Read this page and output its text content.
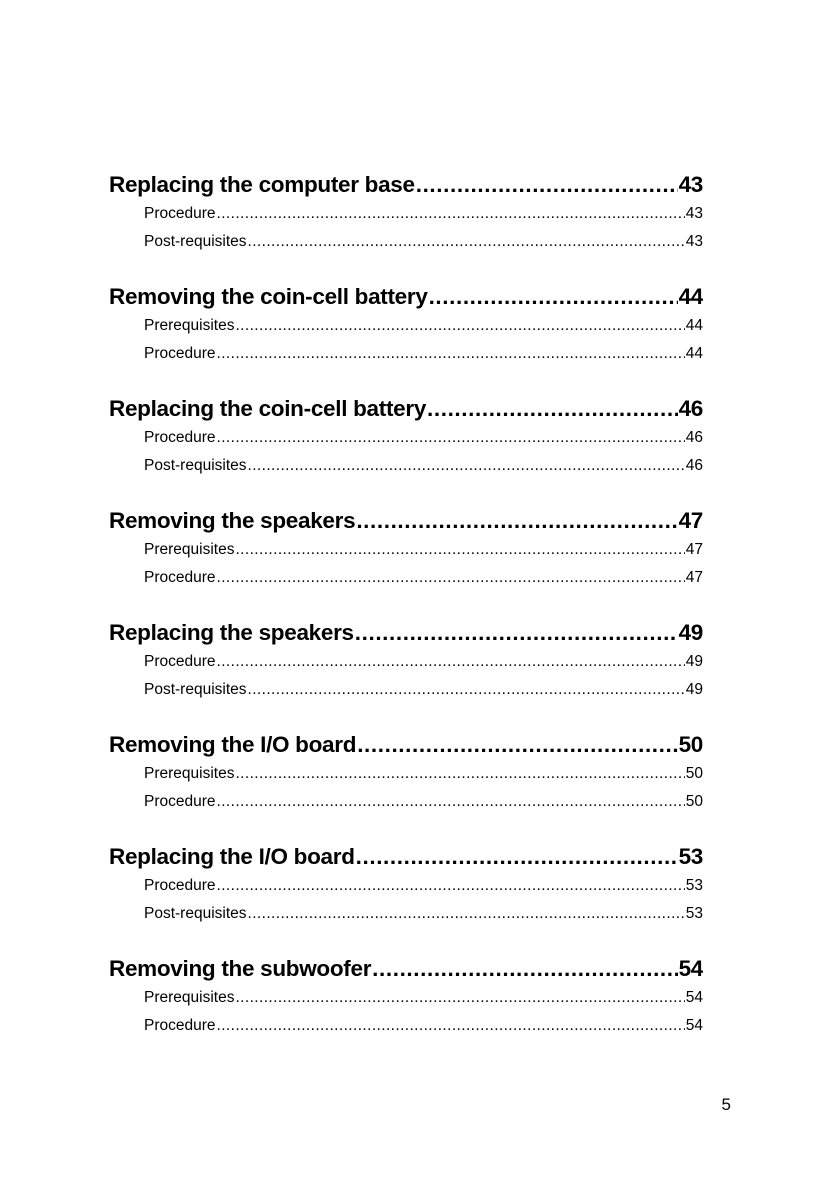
Replacing the computer base .....	43
Procedure .....	43
Post-requisites .....	43
Removing the coin-cell battery .....	44
Prerequisites .....	44
Procedure .....	44
Replacing the coin-cell battery .....	46
Procedure .....	46
Post-requisites .....	46
Removing the speakers .....	47
Prerequisites .....	47
Procedure .....	47
Replacing the speakers .....	49
Procedure .....	49
Post-requisites .....	49
Removing the I/O board .....	50
Prerequisites .....	50
Procedure .....	50
Replacing the I/O board .....	53
Procedure .....	53
Post-requisites .....	53
Removing the subwoofer .....	54
Prerequisites .....	54
Procedure .....	54
5
